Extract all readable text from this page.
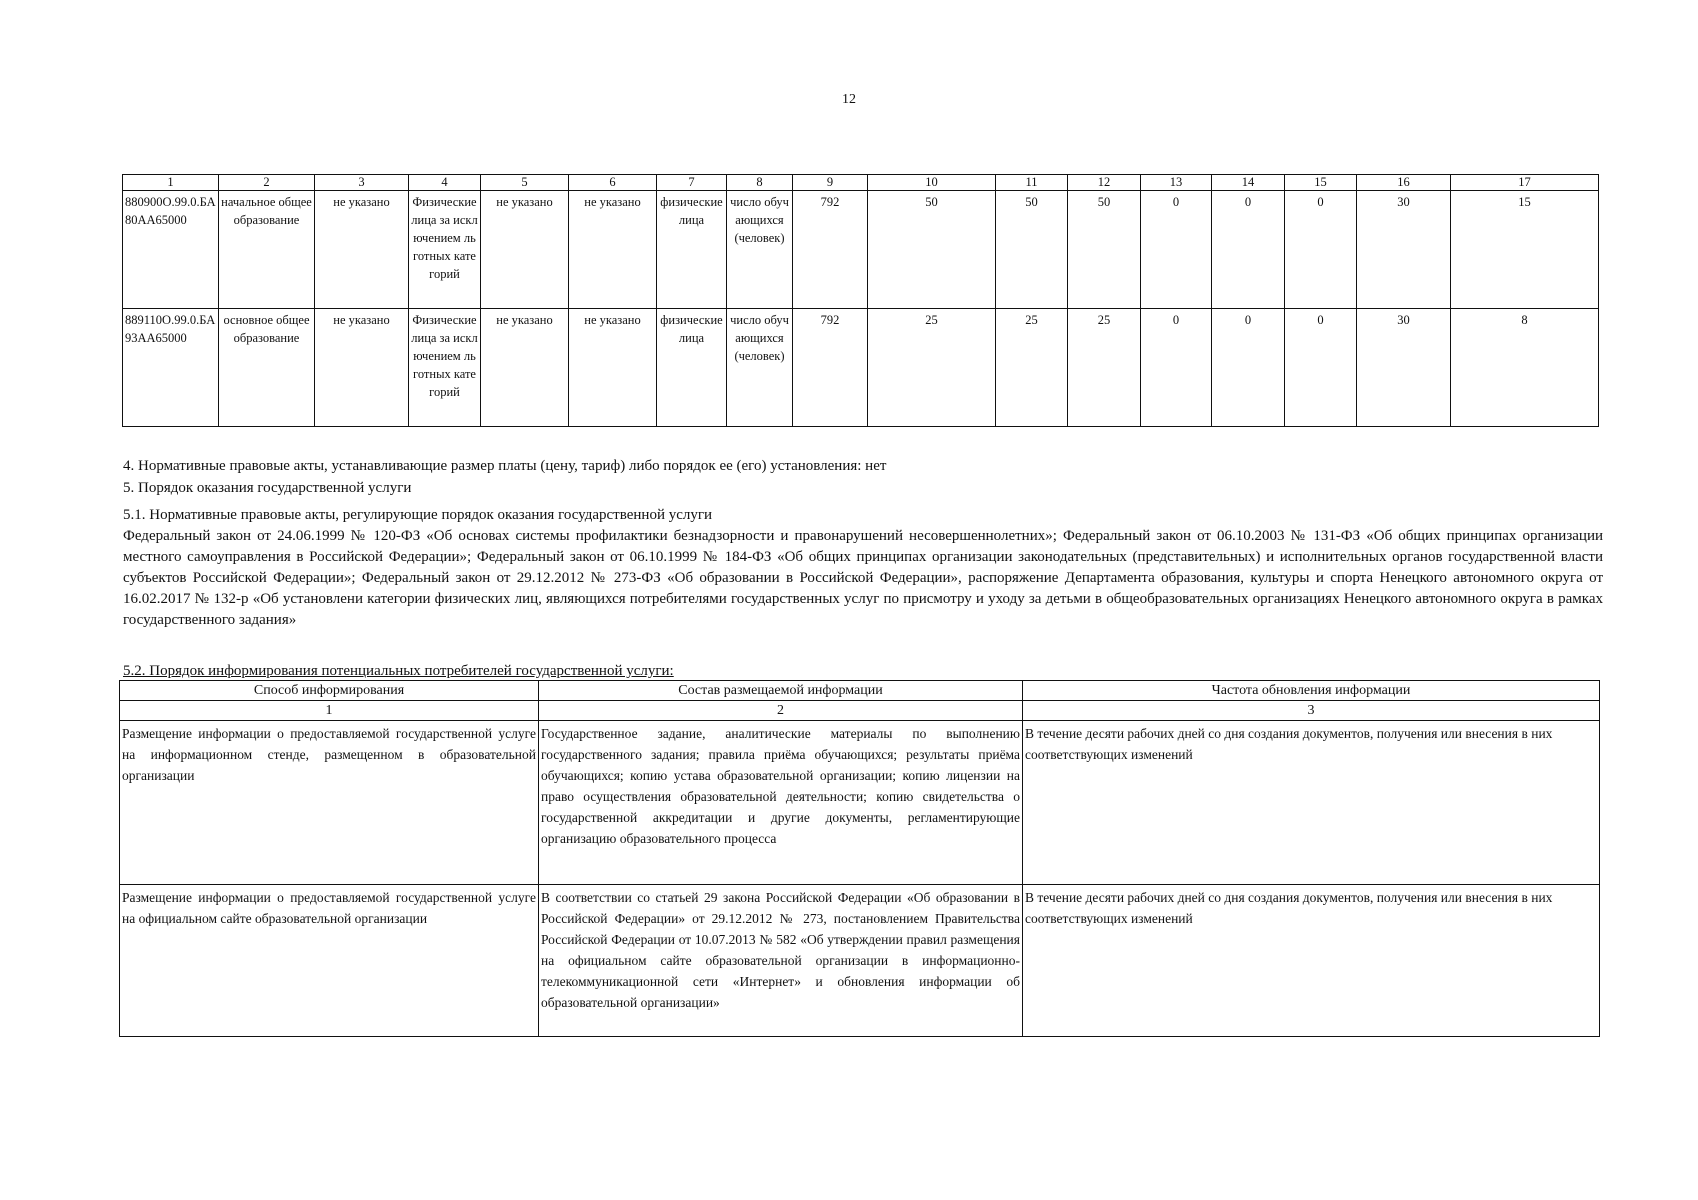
12
1	2	3	4	5	6	7	8	9	10	11	12	13	14	15	16	17
880900О.99.0.БА80АА65000	начальное общее образование	не указано	Физические лица за исключением льготных категорий	не указано	не указано	физические лица	число обучающихся (человек)	792	50	50	50	0	0	0	30	15
889110О.99.0.БА93АА65000	основное общее образование	не указано	Физические лица за исключением льготных категорий	не указано	не указано	физические лица	число обучающихся (человек)	792	25	25	25	0	0	0	30	8
4. Нормативные правовые акты, устанавливающие размер платы (цену, тариф) либо порядок ее (его) установления: нет
5. Порядок оказания государственной услуги
5.1. Нормативные правовые акты, регулирующие порядок оказания государственной услуги
Федеральный закон от 24.06.1999 № 120-ФЗ «Об основах системы профилактики безнадзорности и правонарушений несовершеннолетних»; Федеральный закон от 06.10.2003 № 131-ФЗ «Об общих принципах организации местного самоуправления в Российской Федерации»; Федеральный закон от 06.10.1999 № 184-ФЗ «Об общих принципах организации законодательных (представительных) и исполнительных органов государственной власти субъектов Российской Федерации»; Федеральный закон от 29.12.2012 № 273-ФЗ «Об образовании в Российской Федерации», распоряжение Департамента образования, культуры и спорта Ненецкого автономного округа от 16.02.2017 № 132-р «Об установлени категории физических лиц, являющихся потребителями государственных услуг по присмотру и уходу за детьми в общеобразовательных организациях Ненецкого автономного округа в рамках государственного задания»
5.2. Порядок информирования потенциальных потребителей государственной услуги:
Способ информирования	Состав размещаемой информации	Частота обновления информации
1	2	3
Размещение информации о предоставляемой государственной услуге на информационном стенде, размещенном в образовательной организации	Государственное задание, аналитические материалы по выполнению государственного задания; правила приёма обучающихся; результаты приёма обучающихся; копию устава образовательной организации; копию лицензии на право осуществления образовательной деятельности; копию свидетельства о государственной аккредитации и другие документы, регламентирующие организацию образовательного процесса	В течение десяти рабочих дней со дня создания документов, получения или внесения в них соответствующих изменений
Размещение информации о предоставляемой государственной услуге на официальном сайте образовательной организации	В соответствии со статьей 29 закона Российской Федерации «Об образовании в Российской Федерации» от 29.12.2012 № 273, постановлением Правительства Российской Федерации от 10.07.2013 № 582 «Об утверждении правил размещения на официальном сайте образовательной организации в информационно-телекоммуникационной сети «Интернет» и обновления информации об образовательной организации»	В течение десяти рабочих дней со дня создания документов, получения или внесения в них соответствующих изменений
